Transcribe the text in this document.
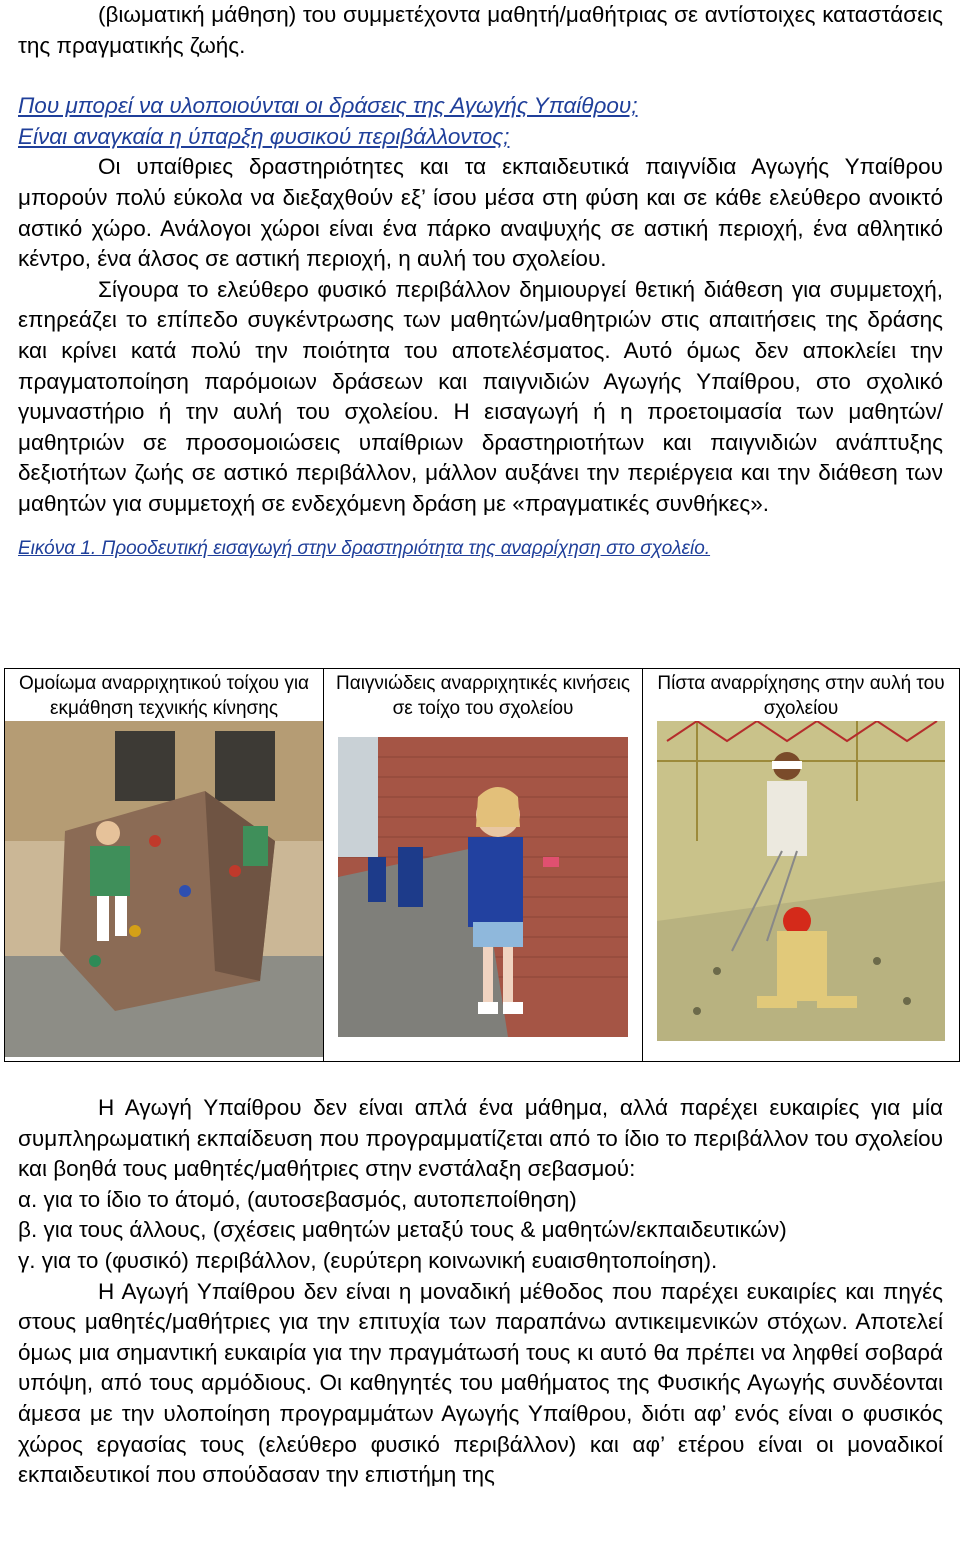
(βιωματική μάθηση) του συμμετέχοντα μαθητή/μαθήτριας σε αντίστοιχες καταστάσεις της πραγματικής ζωής.

Που μπορεί να υλοποιούνται οι δράσεις της Αγωγής Υπαίθρου;
Είναι αναγκαία η ύπαρξη φυσικού περιβάλλοντος;

Οι υπαίθριες δραστηριότητες και τα εκπαιδευτικά παιγνίδια Αγωγής Υπαίθρου μπορούν πολύ εύκολα να διεξαχθούν εξ’ ίσου μέσα στη φύση και σε κάθε ελεύθερο ανοικτό αστικό χώρο. Ανάλογοι χώροι είναι ένα πάρκο αναψυχής σε αστική περιοχή, ένα αθλητικό κέντρο, ένα άλσος σε αστική περιοχή, η αυλή του σχολείου.

Σίγουρα το ελεύθερο φυσικό περιβάλλον δημιουργεί θετική διάθεση για συμμετοχή, επηρεάζει το επίπεδο συγκέντρωσης των μαθητών/μαθητριών στις απαιτήσεις της δράσης και κρίνει κατά πολύ την ποιότητα του αποτελέσματος. Αυτό όμως δεν αποκλείει την πραγματοποίηση παρόμοιων δράσεων και παιγνιδιών Αγωγής Υπαίθρου, στο σχολικό γυμναστήριο ή την αυλή του σχολείου. Η εισαγωγή ή η προετοιμασία των μαθητών/μαθητριών σε προσομοιώσεις υπαίθριων δραστηριοτήτων και παιγνιδιών ανάπτυξης δεξιοτήτων ζωής σε αστικό περιβάλλον, μάλλον αυξάνει την περιέργεια και την διάθεση των μαθητών για συμμετοχή σε ενδεχόμενη δράση με «πραγματικές συνθήκες».

Εικόνα 1. Προοδευτική εισαγωγή στην δραστηριότητα της αναρρίχηση στο σχολείο.

Ομοίωμα αναρριχητικού τοίχου για εκμάθηση τεχνικής κίνησης

Παιγνιώδεις αναρριχητικές κινήσεις σε τοίχο του σχολείου

Πίστα αναρρίχησης στην αυλή του σχολείου

Η Αγωγή Υπαίθρου δεν είναι απλά ένα μάθημα, αλλά παρέχει ευκαιρίες για μία συμπληρωματική εκπαίδευση που προγραμματίζεται από το ίδιο το περιβάλλον του σχολείου και βοηθά τους μαθητές/μαθήτριες στην ενστάλαξη σεβασμού:

α. για το ίδιο το άτομό, (αυτοσεβασμός, αυτοπεποίθηση)

β. για τους άλλους, (σχέσεις μαθητών μεταξύ τους & μαθητών/εκπαιδευτικών)

γ. για το (φυσικό) περιβάλλον, (ευρύτερη κοινωνική ευαισθητοποίηση).

Η Αγωγή Υπαίθρου δεν είναι η μοναδική μέθοδος που παρέχει ευκαιρίες και πηγές στους μαθητές/μαθήτριες για την επιτυχία των παραπάνω αντικειμενικών στόχων. Αποτελεί όμως μια σημαντική ευκαιρία για την πραγμάτωσή τους κι αυτό θα πρέπει να ληφθεί σοβαρά υπόψη, από τους αρμόδιους. Οι καθηγητές του μαθήματος της Φυσικής Αγωγής συνδέονται άμεσα με την υλοποίηση προγραμμάτων Αγωγής Υπαίθρου, διότι αφ’ ενός είναι ο φυσικός χώρος εργασίας τους (ελεύθερο φυσικό περιβάλλον) και αφ’ ετέρου είναι οι μοναδικοί εκπαιδευτικοί που σπούδασαν την επιστήμη της
